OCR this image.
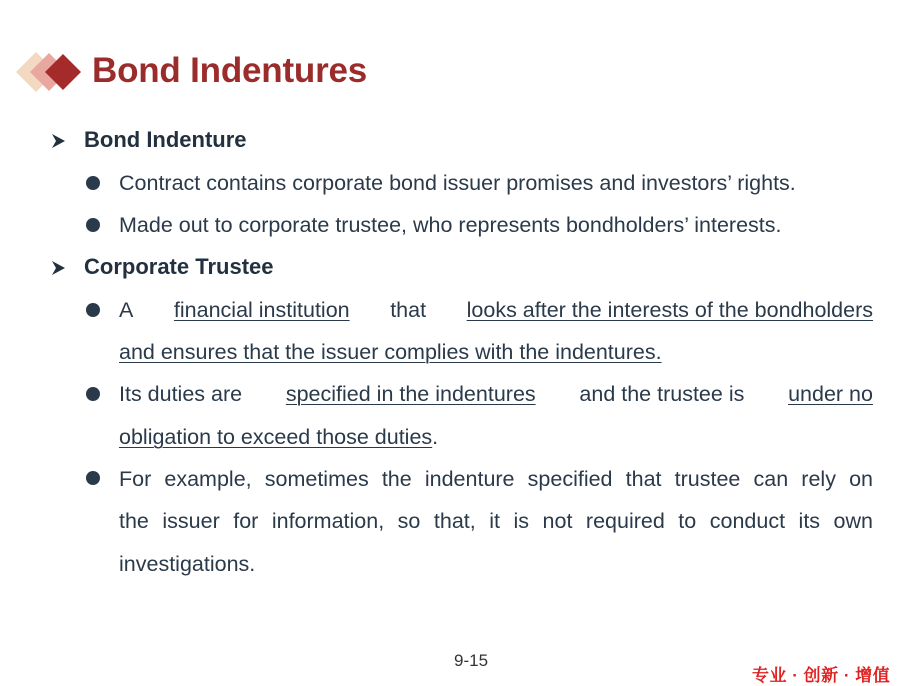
Bond Indentures
Bond Indenture
Contract contains corporate bond issuer promises and investors’ rights.
Made out to corporate trustee, who represents bondholders’ interests.
Corporate Trustee
A financial institution that looks after the interests of the bondholders
and ensures that the issuer complies with the indentures.
Its duties are specified in the indentures and the trustee is under no
obligation to exceed those duties.
For example, sometimes the indenture specified that trustee can rely on
the issuer for information, so that, it is not required to conduct its own
investigations.
9-15
专业 · 创新 · 增值
